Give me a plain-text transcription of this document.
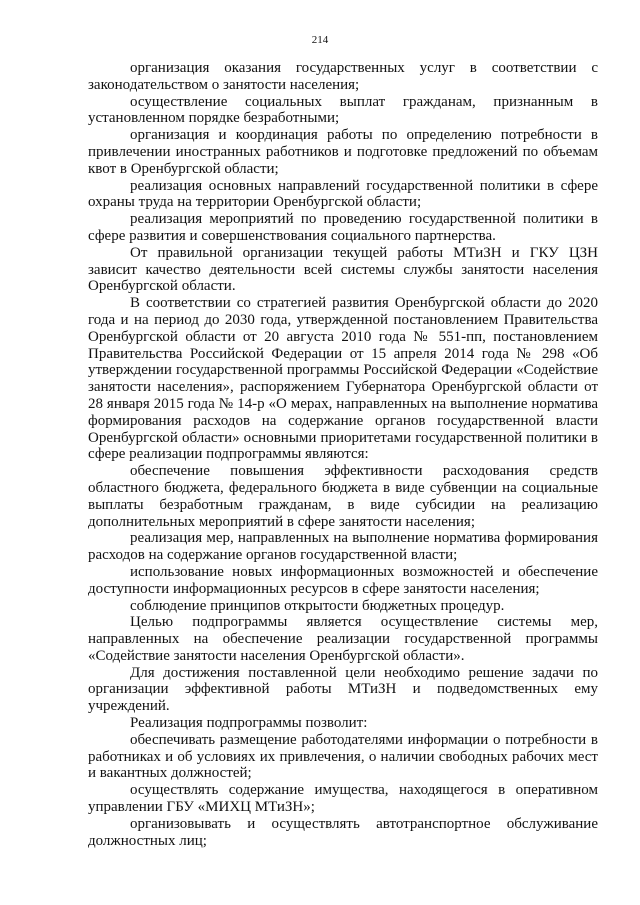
214

организация оказания государственных услуг в соответствии с законодательством о занятости населения;

осуществление социальных выплат гражданам, признанным в установленном порядке безработными;

организация и координация работы по определению потребности в привлечении иностранных работников и подготовке предложений по объемам квот в Оренбургской области;

реализация основных направлений государственной политики в сфере охраны труда на территории Оренбургской области;

реализация мероприятий по проведению государственной политики в сфере развития и совершенствования социального партнерства.

От правильной организации текущей работы МТиЗН и ГКУ ЦЗН зависит качество деятельности всей системы службы занятости населения Оренбургской области.

В соответствии со стратегией развития Оренбургской области до 2020 года и на период до 2030 года, утвержденной постановлением Правительства Оренбургской области от 20 августа 2010 года № 551-пп, постановлением Правительства Российской Федерации от 15 апреля 2014 года № 298 «Об утверждении государственной программы Российской Федерации «Содействие занятости населения», распоряжением Губернатора Оренбургской области от 28 января 2015 года № 14-р «О мерах, направленных на выполнение норматива формирования расходов на содержание органов государственной власти Оренбургской области» основными приоритетами государственной политики в сфере реализации подпрограммы являются:

обеспечение повышения эффективности расходования средств областного бюджета, федерального бюджета в виде субвенции на социальные выплаты безработным гражданам, в виде субсидии на реализацию дополнительных мероприятий в сфере занятости населения;

реализация мер, направленных на выполнение норматива формирования расходов на содержание органов государственной власти;

использование новых информационных возможностей и обеспечение доступности информационных ресурсов в сфере занятости населения;

соблюдение принципов открытости бюджетных процедур.

Целью подпрограммы является осуществление системы мер, направленных на обеспечение реализации государственной программы «Содействие занятости населения Оренбургской области».

Для достижения поставленной цели необходимо решение задачи по организации эффективной работы МТиЗН и подведомственных ему учреждений.

Реализация подпрограммы позволит:

обеспечивать размещение работодателями информации о потребности в работниках и об условиях их привлечения, о наличии свободных рабочих мест и вакантных должностей;

осуществлять содержание имущества, находящегося в оперативном управлении ГБУ «МИХЦ МТиЗН»;

организовывать и осуществлять автотранспортное обслуживание должностных лиц;
